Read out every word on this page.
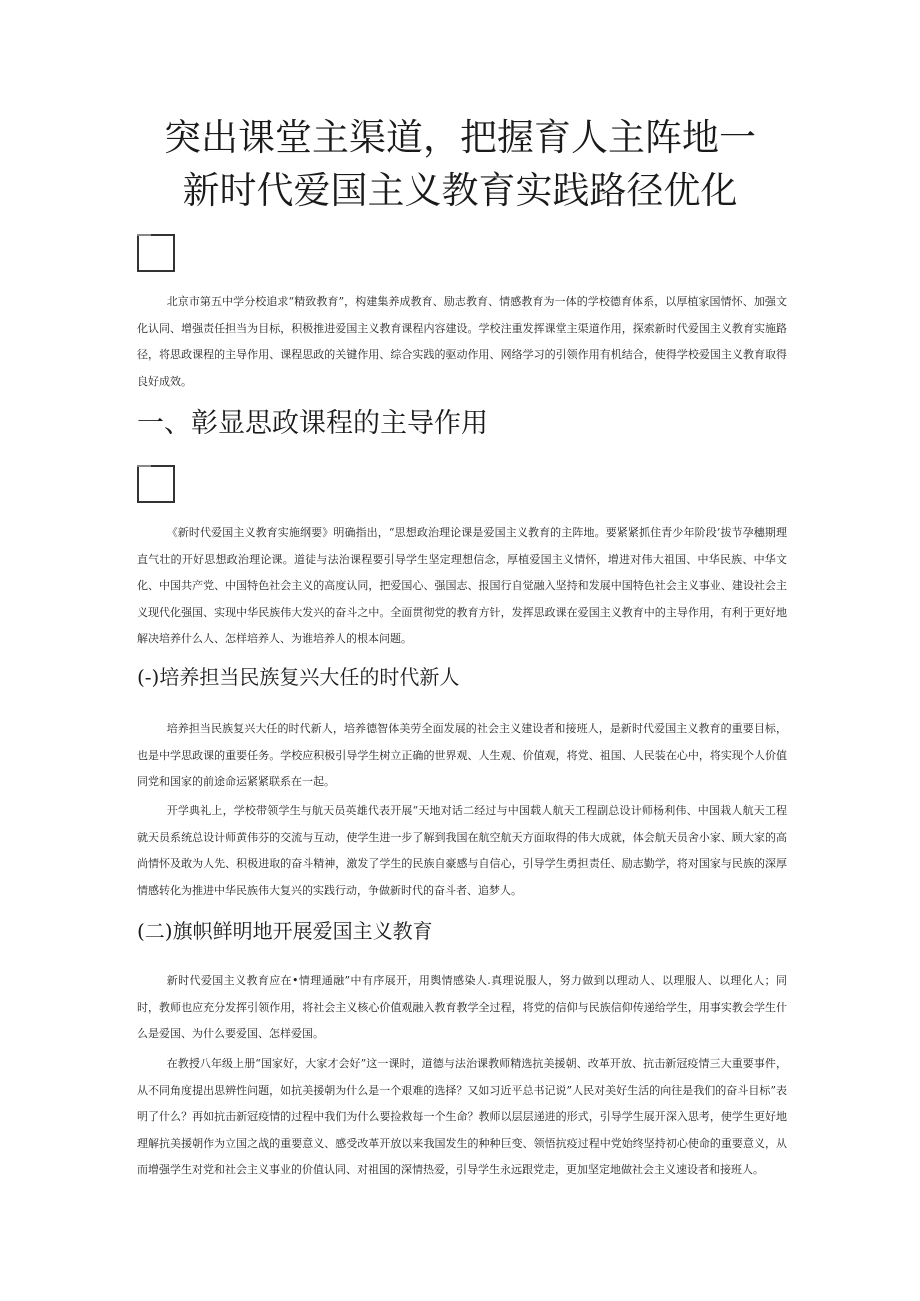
突出课堂主渠道，把握育人主阵地一
新时代爱国主义教育实践路径优化

北京市第五中学分校追求“精致教育”，构建集养成教育、励志教育、情感教育为一体的学校德育体系，以厚植家国情怀、加强文化认同、增强责任担当为目标，积极推进爱国主义教育课程内容建设。学校注重发挥课堂主渠道作用，探索新时代爱国主义教育实施路径，将思政课程的主导作用、课程思政的关键作用、综合实践的驱动作用、网络学习的引领作用有机结合，使得学校爱国主义教育取得良好成效。

一、彰显思政课程的主导作用

《新时代爱国主义教育实施纲要》明确指出，“思想政治理论课是爱国主义教育的主阵地。要紧紧抓住青少年阶段’拔节孕穗期理直气壮的开好思想政治理论课。道徒与法治课程要引导学生坚定理想信念，厚植爱国主义情怀，增进对伟大祖国、中华民族、中华文化、中国共产党、中国特色社会主义的高度认同，把爱国心、强国志、报国行自觉融入坚持和发展中国特色社会主义事业、建设社会主义现代化强国、实现中华民族伟大发兴的奋斗之中。全面贯彻党的教育方针，发挥思政课在爱国主义教育中的主导作用，有利于更好地解决培养什么人、怎样培养人、为谁培养人的根本问题。

(-)培养担当民族复兴大任的时代新人

培养担当民族复兴大任的时代新人，培养德智体美劳全面发展的社会主义建设者和接班人，是新时代爱国主义教育的重要目标，也是中学思政课的重要任务。学校应积极引导学生树立正确的世界观、人生观、价值观，将党、祖国、人民装在心中，将实现个人价值同党和国家的前途命运紧紧联系在一起。

开学典礼上，学校带领学生与航天员英雄代表开展“天地对话二经过与中国载人航天工程副总设计师杨利伟、中国栽人航天工程就天员系统总设计师黄伟芬的交流与互动，使学生进一步了解到我国在航空航天方面取得的伟大成就，体会航天员舍小家、顾大家的高尚情怀及敢为人先、积极进取的奋斗精神，激发了学生的民族自豪感与自信心，引导学生勇担责任、励志勤学，将对国家与民族的深厚情感转化为推进中华民族伟大复兴的实践行动，争做新时代的奋斗者、追梦人。

(二)旗帜鲜明地开展爱国主义教育

新时代爱国主义教育应在•情理通融”中有序展开，用舆情感染人.真理说服人，努力做到以理动人、以理服人、以理化人；同时，教师也应充分发挥引领作用，将社会主义核心价值观融入教育教学全过程，将党的信仰与民族信仰传递给学生，用事实教会学生什么是爱国、为什么要爱国、怎样爱国。

在教授八年级上册“国家好，大家才会好”这一课时，道德与法治课教师精选抗美援朝、改革开放、抗击新冠疫情三大重要事件，从不同角度提出思辨性问题，如抗美援朝为什么是一个艰难的选择？又如习近平总书记说”人民对美好生活的向往是我们的奋斗目标”表明了什么？再如抗击新冠疫情的过程中我们为什么要捡救每一个生命？教师以层层递进的形式，引导学生展开深入思考，使学生更好地理解抗美援朝作为立国之战的重要意义、感受改革开放以来我国发生的种种巨变、领悟抗疫过程中党始终坚持初心使命的重要意义，从而增强学生对党和社会主义事业的价值认同、对祖国的深情热爱，引导学生永远跟党走，更加坚定地做社会主义速设者和接班人。
